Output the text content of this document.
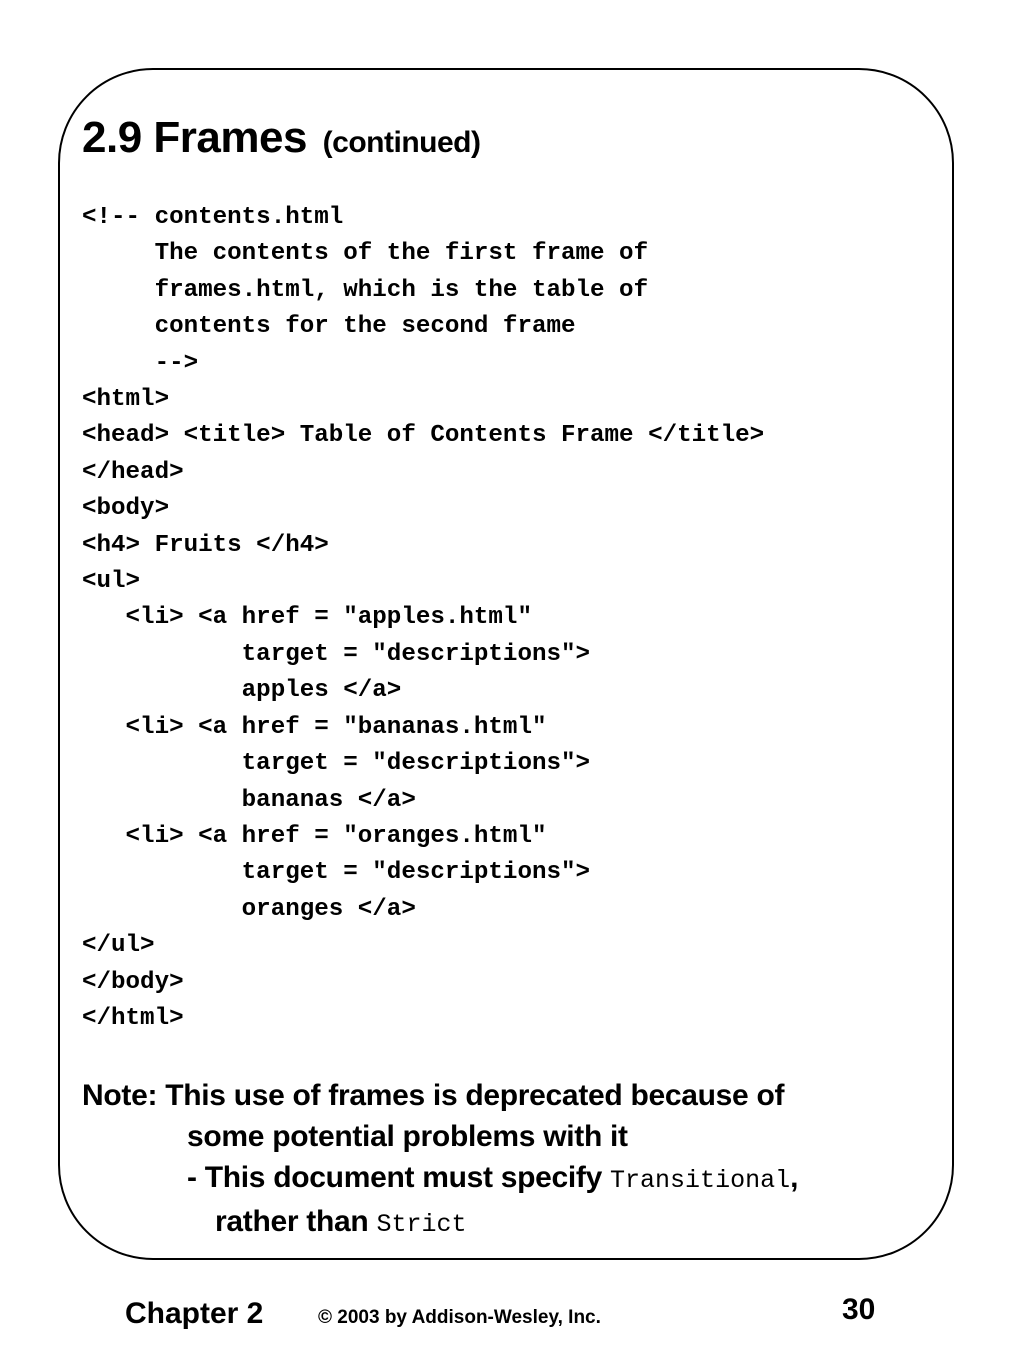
2.9 Frames (continued)
<!-- contents.html
The contents of the first frame of
frames.html, which is the table of
contents for the second frame
-->
<html>
<head> <title> Table of Contents Frame </title>
</head>
<body>
<h4> Fruits </h4>
<ul>
<li> <a href = "apples.html"
target = "descriptions">
apples </a>
<li> <a href = "bananas.html"
target = "descriptions">
bananas </a>
<li> <a href = "oranges.html"
target = "descriptions">
oranges </a>
</ul>
</body>
</html>
Note: This use of frames is deprecated because of
some potential problems with it
- This document must specify Transitional,
rather than Strict
Chapter 2	© 2003 by Addison-Wesley, Inc.	30
